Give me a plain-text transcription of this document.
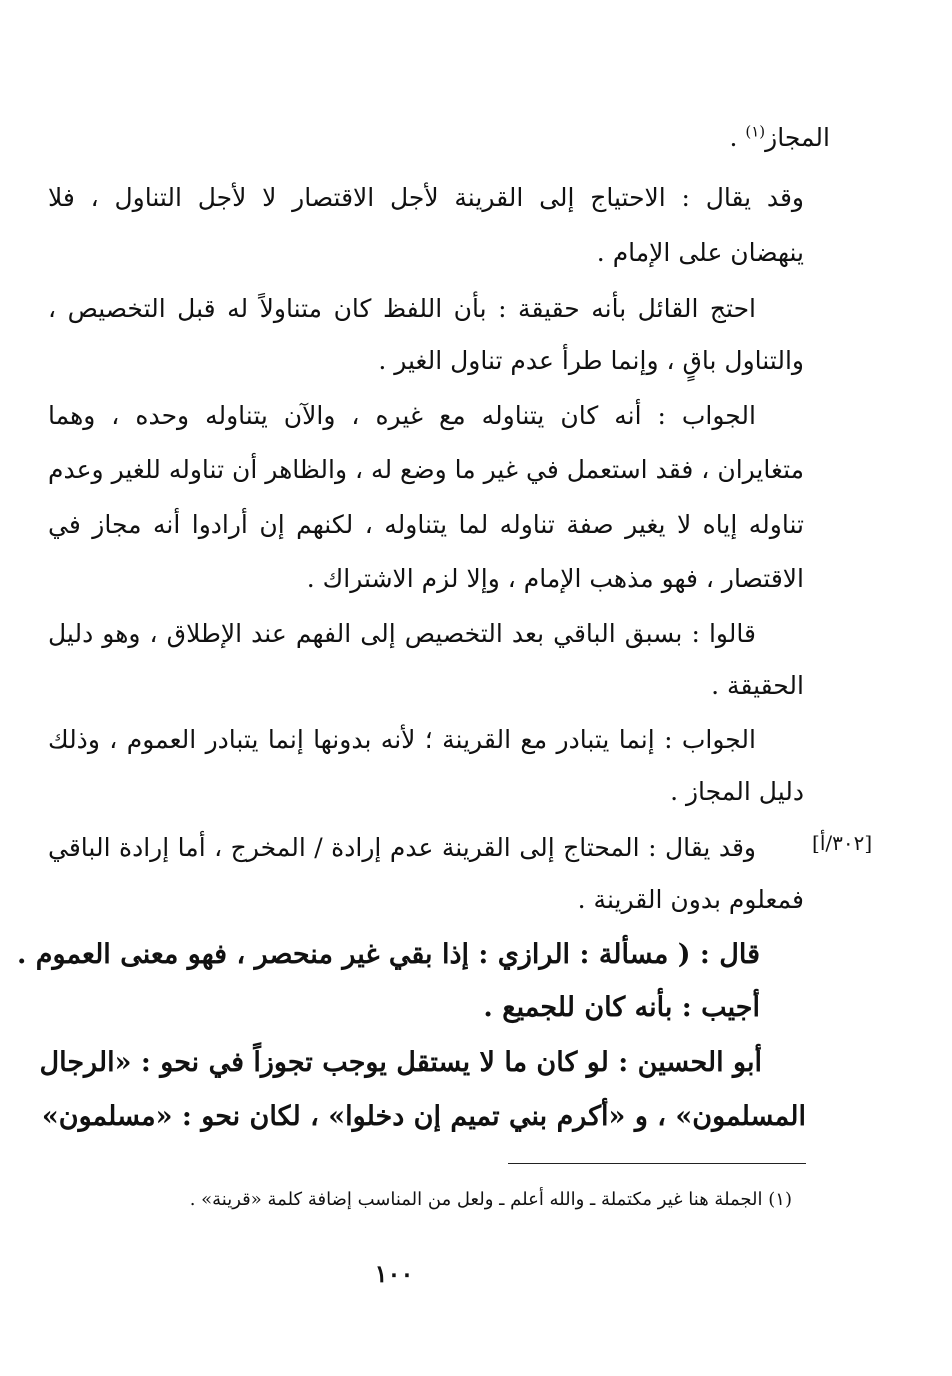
المجاز$^{(١)}$ .
وقد يقال : الاحتياج إلى القرينة لأجل الاقتصار لا لأجل التناول ، فلا
ينهضان على الإمام .
احتج القائل بأنه حقيقة : بأن اللفظ كان متناولاً له قبل التخصيص ،
والتناول باقٍ ، وإنما طرأ عدم تناول الغير .
الجواب : أنه كان يتناوله مع غيره ، والآن يتناوله وحده ، وهما
متغايران ، فقد استعمل في غير ما وضع له ، والظاهر أن تناوله للغير وعدم
تناوله إياه لا يغير صفة تناوله لما يتناوله ، لكنهم إن أرادوا أنه مجاز في
الاقتصار ، فهو مذهب الإمام ، وإلا لزم الاشتراك .
قالوا : بسبق الباقي بعد التخصيص إلى الفهم عند الإطلاق ، وهو دليل
الحقيقة .
الجواب : إنما يتبادر مع القرينة ؛ لأنه بدونها إنما يتبادر العموم ، وذلك
دليل المجاز .
[٣٠٢/أ]
وقد يقال : المحتاج إلى القرينة عدم إرادة / المخرج ، أما إرادة الباقي
فمعلوم بدون القرينة .
قال : ( مسألة : الرازي : إذا بقي غير منحصر ، فهو معنى العموم .
أجيب : بأنه كان للجميع .
أبو الحسين : لو كان ما لا يستقل يوجب تجوزاً في نحو : «الرجال
المسلمون» ، و «أكرم بني تميم إن دخلوا» ، لكان نحو : «مسلمون»
(١) الجملة هنا غير مكتملة ـ والله أعلم ـ ولعل من المناسب إضافة كلمة «قرينة» .
١٠٠
